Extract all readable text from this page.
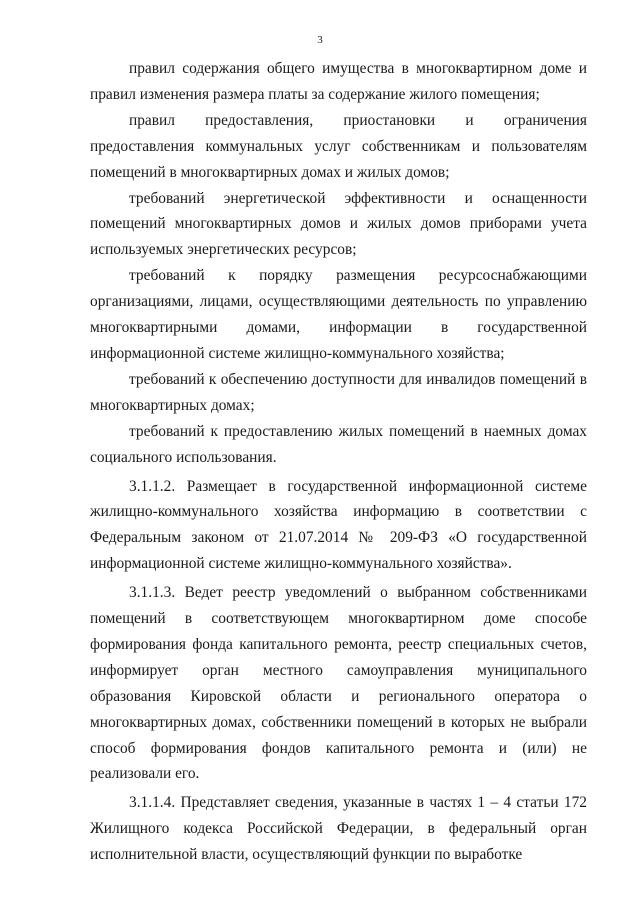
3

правил содержания общего имущества в многоквартирном доме и правил изменения размера платы за содержание жилого помещения;

правил предоставления, приостановки и ограничения предоставления коммунальных услуг собственникам и пользователям помещений в многоквартирных домах и жилых домов;

требований энергетической эффективности и оснащенности помещений многоквартирных домов и жилых домов приборами учета используемых энергетических ресурсов;

требований к порядку размещения ресурсоснабжающими организациями, лицами, осуществляющими деятельность по управлению многоквартирными домами, информации в государственной информационной системе жилищно-коммунального хозяйства;

требований к обеспечению доступности для инвалидов помещений в многоквартирных домах;

требований к предоставлению жилых помещений в наемных домах социального использования.

3.1.1.2. Размещает в государственной информационной системе жилищно-коммунального хозяйства информацию в соответствии с Федеральным законом от 21.07.2014 № 209-ФЗ «О государственной информационной системе жилищно-коммунального хозяйства».

3.1.1.3. Ведет реестр уведомлений о выбранном собственниками помещений в соответствующем многоквартирном доме способе формирования фонда капитального ремонта, реестр специальных счетов, информирует орган местного самоуправления муниципального образования Кировской области и регионального оператора о многоквартирных домах, собственники помещений в которых не выбрали способ формирования фондов капитального ремонта и (или) не реализовали его.

3.1.1.4. Представляет сведения, указанные в частях 1 – 4 статьи 172 Жилищного кодекса Российской Федерации, в федеральный орган исполнительной власти, осуществляющий функции по выработке
